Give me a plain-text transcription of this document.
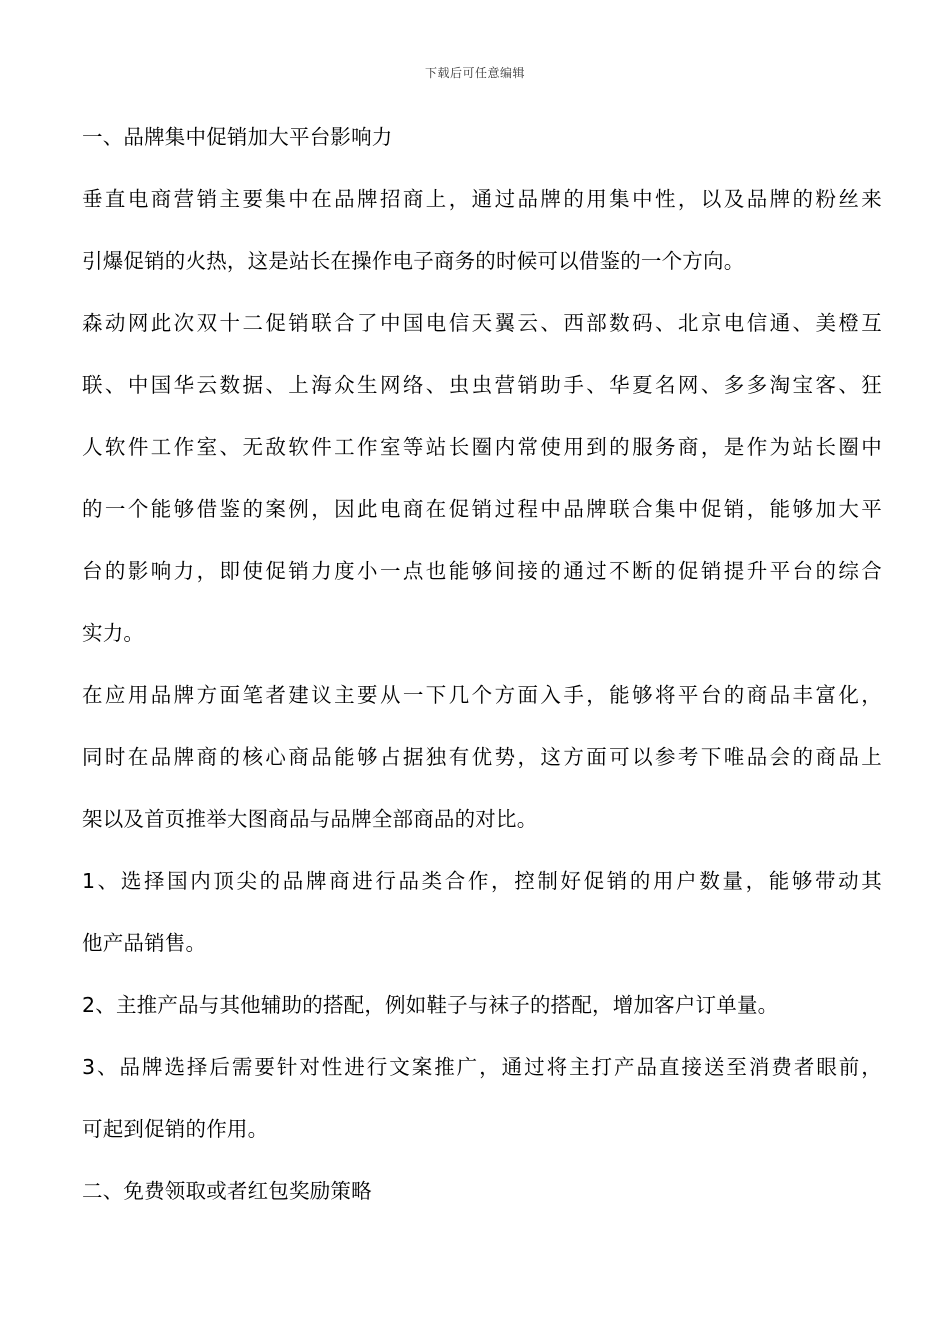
下载后可任意编辑
一、品牌集中促销加大平台影响力
垂直电商营销主要集中在品牌招商上，通过品牌的用集中性，以及品牌的粉丝来
引爆促销的火热，这是站长在操作电子商务的时候可以借鉴的一个方向。
森动网此次双十二促销联合了中国电信天翼云、西部数码、北京电信通、美橙互
联、中国华云数据、上海众生网络、虫虫营销助手、华夏名网、多多淘宝客、狂
人软件工作室、无敌软件工作室等站长圈内常使用到的服务商，是作为站长圈中
的一个能够借鉴的案例，因此电商在促销过程中品牌联合集中促销，能够加大平
台的影响力，即使促销力度小一点也能够间接的通过不断的促销提升平台的综合
实力。
在应用品牌方面笔者建议主要从一下几个方面入手，能够将平台的商品丰富化，
同时在品牌商的核心商品能够占据独有优势，这方面可以参考下唯品会的商品上
架以及首页推举大图商品与品牌全部商品的对比。
1、选择国内顶尖的品牌商进行品类合作，控制好促销的用户数量，能够带动其
他产品销售。
2、主推产品与其他辅助的搭配，例如鞋子与袜子的搭配，增加客户订单量。
3、品牌选择后需要针对性进行文案推广，通过将主打产品直接送至消费者眼前，
可起到促销的作用。
二、免费领取或者红包奖励策略
